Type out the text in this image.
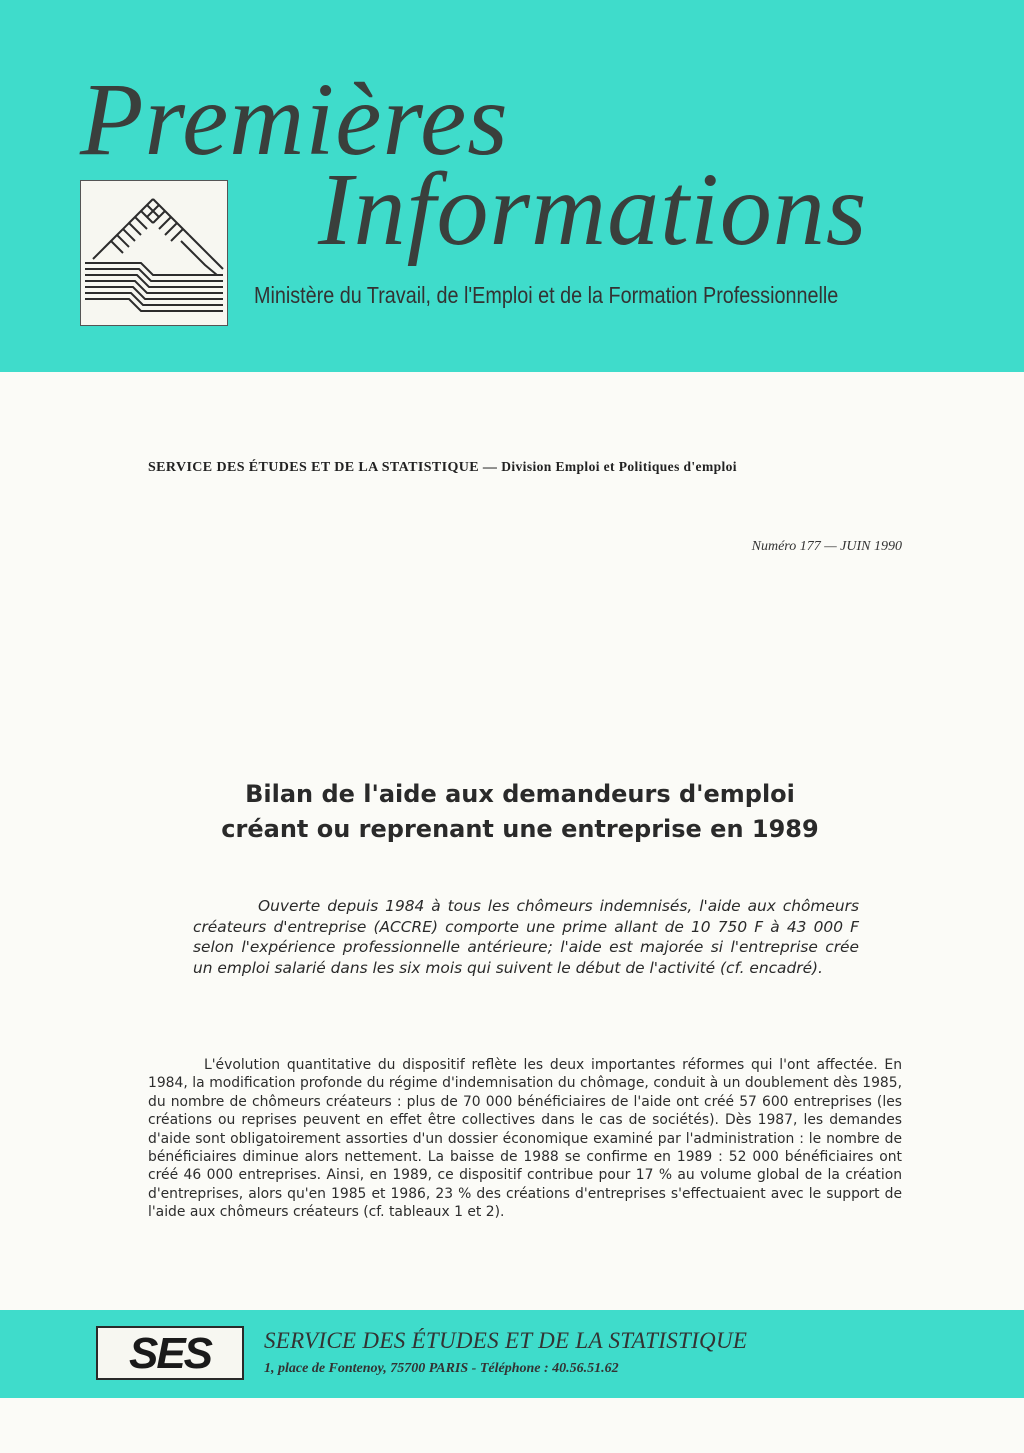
Premières
Informations
Ministère du Travail, de l'Emploi et de la Formation Professionnelle
SERVICE DES ÉTUDES ET DE LA STATISTIQUE — Division Emploi et Politiques d'emploi
Numéro 177 — JUIN 1990
Bilan de l'aide aux demandeurs d'emploi
créant ou reprenant une entreprise en 1989

Ouverte depuis 1984 à tous les chômeurs indemnisés, l'aide aux chômeurs créateurs d'entreprise (ACCRE) comporte une prime allant de 10 750 F à 43 000 F selon l'expérience professionnelle antérieure; l'aide est majorée si l'entreprise crée un emploi salarié dans les six mois qui suivent le début de l'activité (cf. encadré).

L'évolution quantitative du dispositif reflète les deux importantes réformes qui l'ont affectée. En 1984, la modification profonde du régime d'indemnisation du chômage, conduit à un doublement dès 1985, du nombre de chômeurs créateurs : plus de 70 000 bénéficiaires de l'aide ont créé 57 600 entreprises (les créations ou reprises peuvent en effet être collectives dans le cas de sociétés). Dès 1987, les demandes d'aide sont obligatoirement assorties d'un dossier économique examiné par l'administration : le nombre de bénéficiaires diminue alors nettement. La baisse de 1988 se confirme en 1989 : 52 000 bénéficiaires ont créé 46 000 entreprises. Ainsi, en 1989, ce dispositif contribue pour 17 % au volume global de la création d'entreprises, alors qu'en 1985 et 1986, 23 % des créations d'entreprises s'effectuaient avec le support de l'aide aux chômeurs créateurs (cf. tableaux 1 et 2).

SES	SERVICE DES ÉTUDES ET DE LA STATISTIQUE
1, place de Fontenoy, 75700 PARIS - Téléphone : 40.56.51.62
